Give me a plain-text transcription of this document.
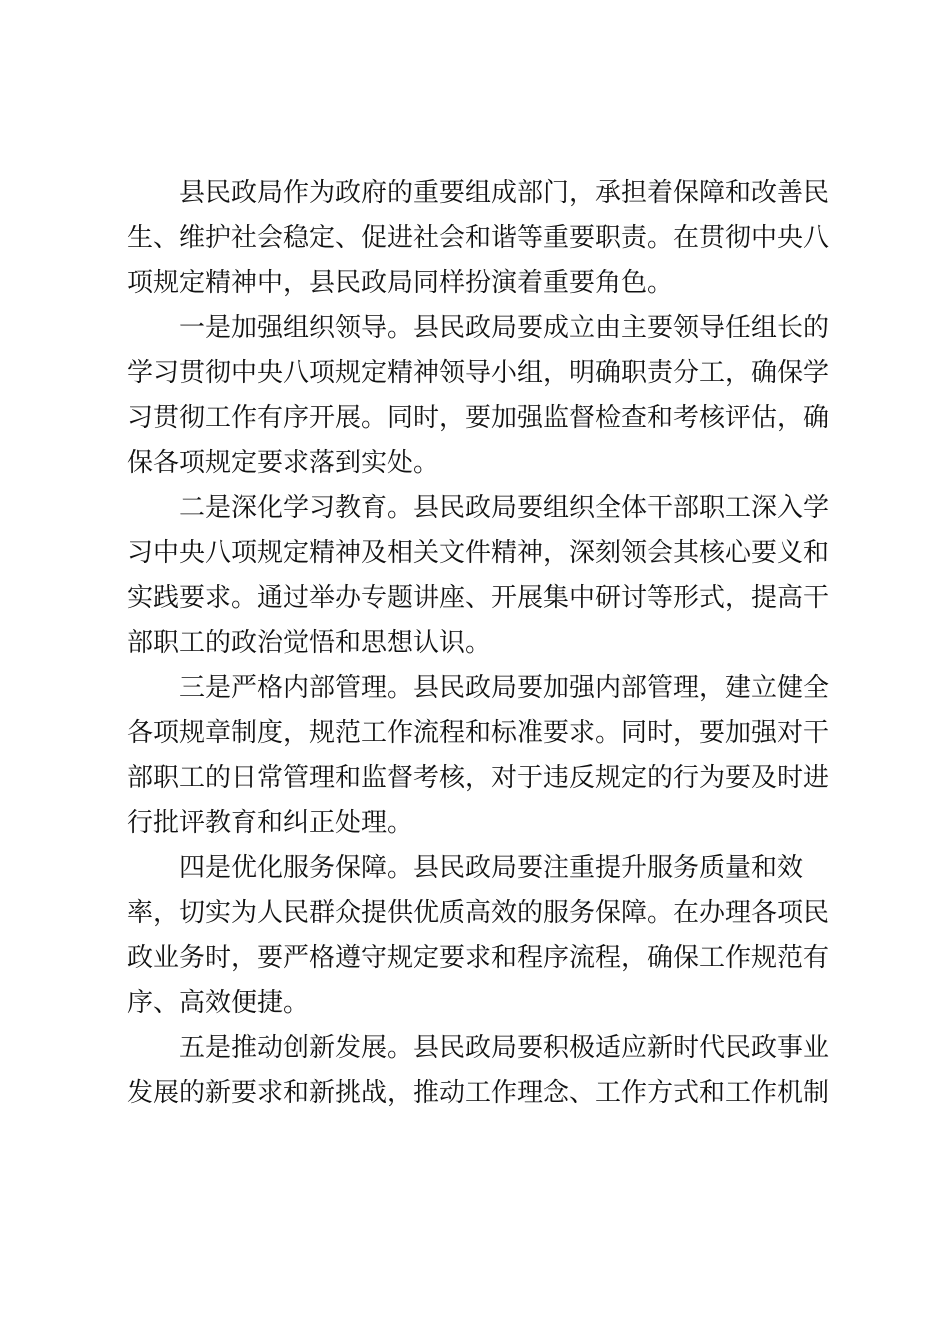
县民政局作为政府的重要组成部门，承担着保障和改善民
生、维护社会稳定、促进社会和谐等重要职责。在贯彻中央八
项规定精神中，县民政局同样扮演着重要角色。
一是加强组织领导。县民政局要成立由主要领导任组长的
学习贯彻中央八项规定精神领导小组，明确职责分工，确保学
习贯彻工作有序开展。同时，要加强监督检查和考核评估，确
保各项规定要求落到实处。
二是深化学习教育。县民政局要组织全体干部职工深入学
习中央八项规定精神及相关文件精神，深刻领会其核心要义和
实践要求。通过举办专题讲座、开展集中研讨等形式，提高干
部职工的政治觉悟和思想认识。
三是严格内部管理。县民政局要加强内部管理，建立健全
各项规章制度，规范工作流程和标准要求。同时，要加强对干
部职工的日常管理和监督考核，对于违反规定的行为要及时进
行批评教育和纠正处理。
四是优化服务保障。县民政局要注重提升服务质量和效
率，切实为人民群众提供优质高效的服务保障。在办理各项民
政业务时，要严格遵守规定要求和程序流程，确保工作规范有
序、高效便捷。
五是推动创新发展。县民政局要积极适应新时代民政事业
发展的新要求和新挑战，推动工作理念、工作方式和工作机制
